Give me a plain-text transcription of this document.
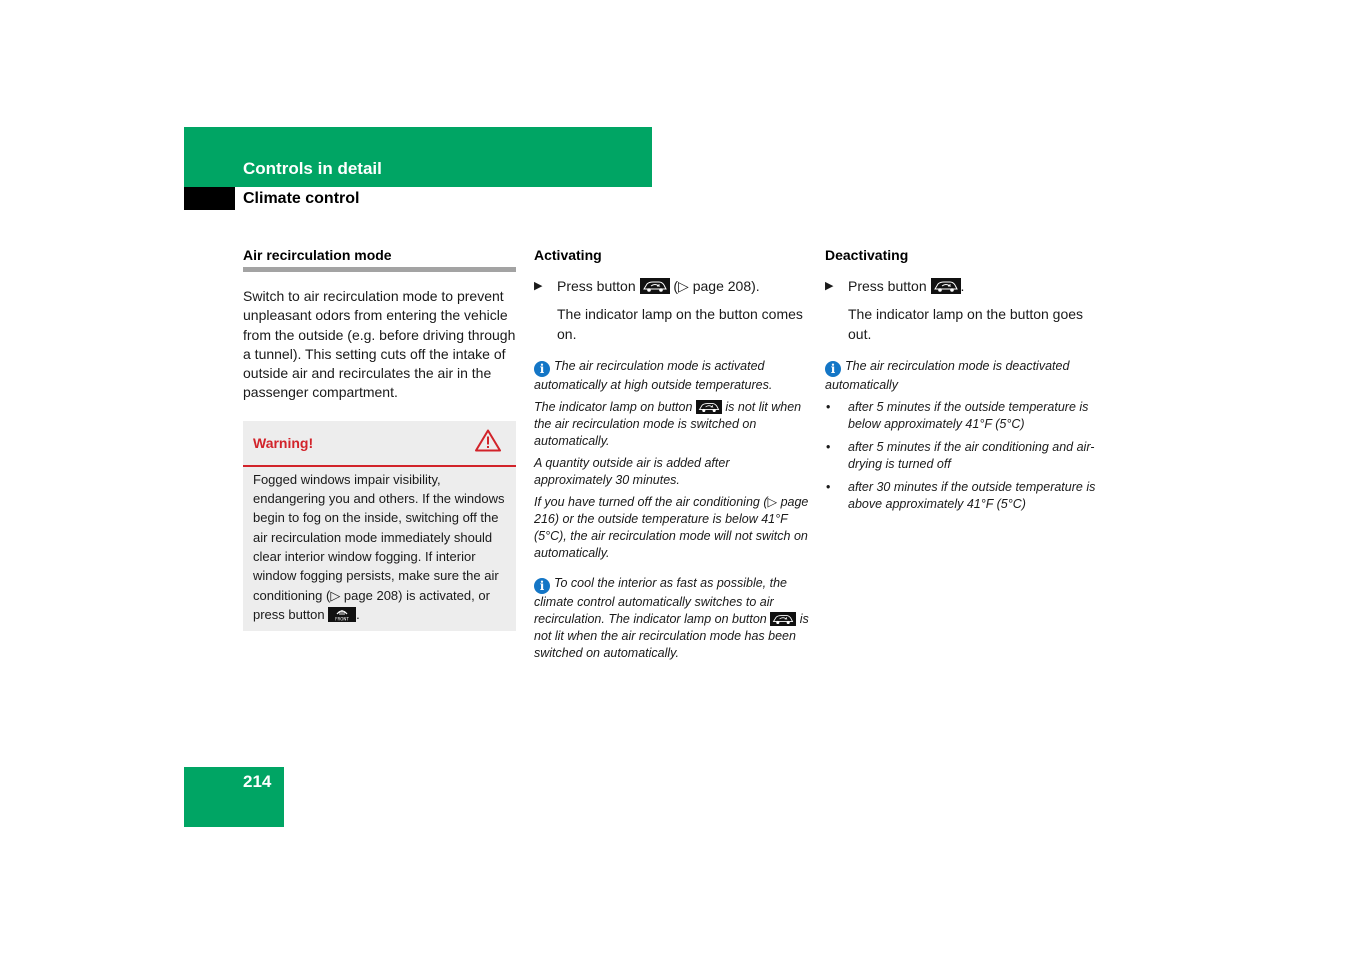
Controls in detail
Climate control
Air recirculation mode

Switch to air recirculation mode to prevent unpleasant odors from entering the vehicle from the outside (e.g. before driving through a tunnel). This setting cuts off the intake of outside air and recirculates the air in the passenger compartment.

Warning!
Fogged windows impair visibility, endangering you and others. If the windows begin to fog on the inside, switching off the air recirculation mode immediately should clear interior window fogging. If interior window fogging persists, make sure the air conditioning (▷ page 208) is activated, or press button	FRONT .
Activating
▶ Press button	(▷ page 208).
The indicator lamp on the button comes on.
i The air recirculation mode is activated automatically at high outside temperatures.
The indicator lamp on button	is not lit when the air recirculation mode is switched on automatically.
A quantity outside air is added after approximately 30 minutes.
If you have turned off the air conditioning (▷ page 216) or the outside temperature is below 41°F (5°C), the air recirculation mode will not switch on automatically.
i To cool the interior as fast as possible, the climate control automatically switches to air recirculation. The indicator lamp on button	is not lit when the air recirculation mode has been switched on automatically.
Deactivating
▶ Press button .
The indicator lamp on the button goes out.
i The air recirculation mode is deactivated automatically
• after 5 minutes if the outside temperature is below approximately 41°F (5°C)
• after 5 minutes if the air conditioning and air-drying is turned off
• after 30 minutes if the outside temperature is above approximately 41°F (5°C)
214
